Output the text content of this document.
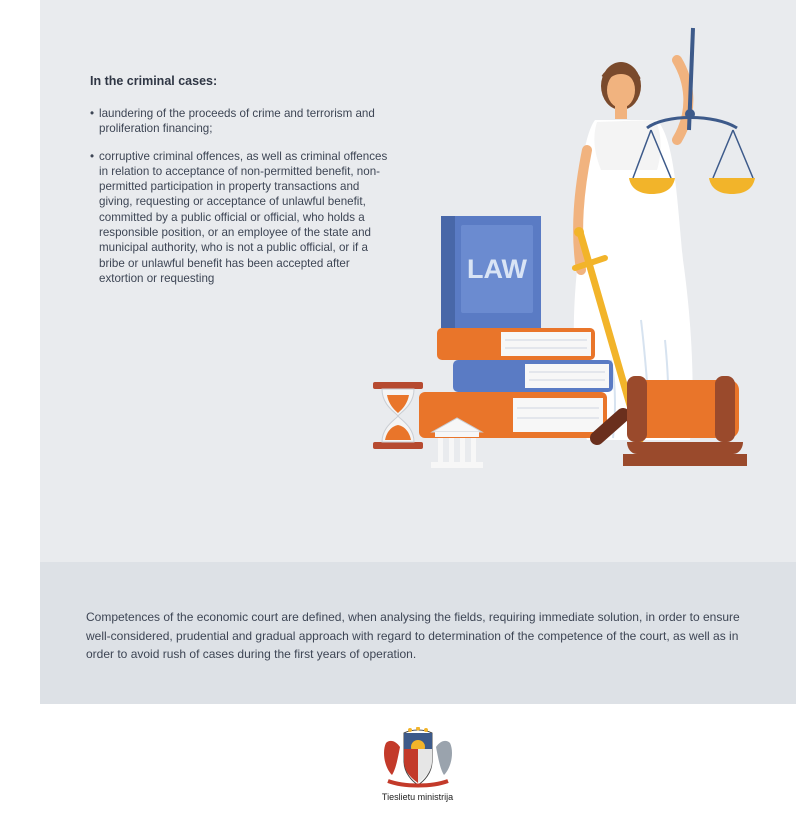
In the criminal cases:
• laundering of the proceeds of crime and terrorism and proliferation financing;
• corruptive criminal offences, as well as criminal offences in relation to acceptance of non-permitted benefit, non-permitted participation in property transactions and giving, requesting or acceptance of unlawful benefit, committed by a public official or official, who holds a responsible position, or an employee of the state and municipal authority, who is not a public official, or if a bribe or unlawful benefit has been accepted after extortion or requesting	LAW

Competences of the economic court are defined, when analysing the fields, requiring immediate solution, in order to ensure well-considered, prudential and gradual approach with regard to determination of the competence of the court, as well as in order to avoid rush of cases during the first years of operation.

Tieslietu ministrija
